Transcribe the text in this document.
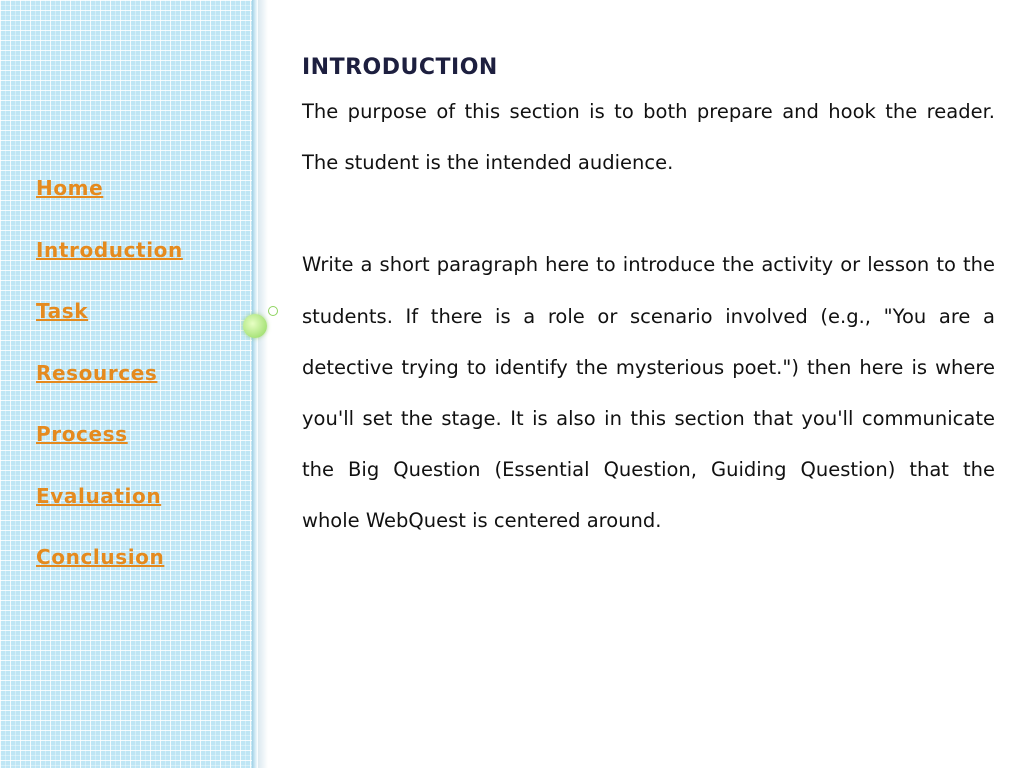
Home
Introduction
Task
Resources
Process
Evaluation
Conclusion
INTRODUCTION

The purpose of this section is to both prepare and hook the reader. The student is the intended audience.

Write a short paragraph here to introduce the activity or lesson to the students. If there is a role or scenario involved (e.g., "You are a detective trying to identify the mysterious poet.") then here is where you'll set the stage. It is also in this section that you'll communicate the Big Question (Essential Question, Guiding Question) that the whole WebQuest is centered around.
